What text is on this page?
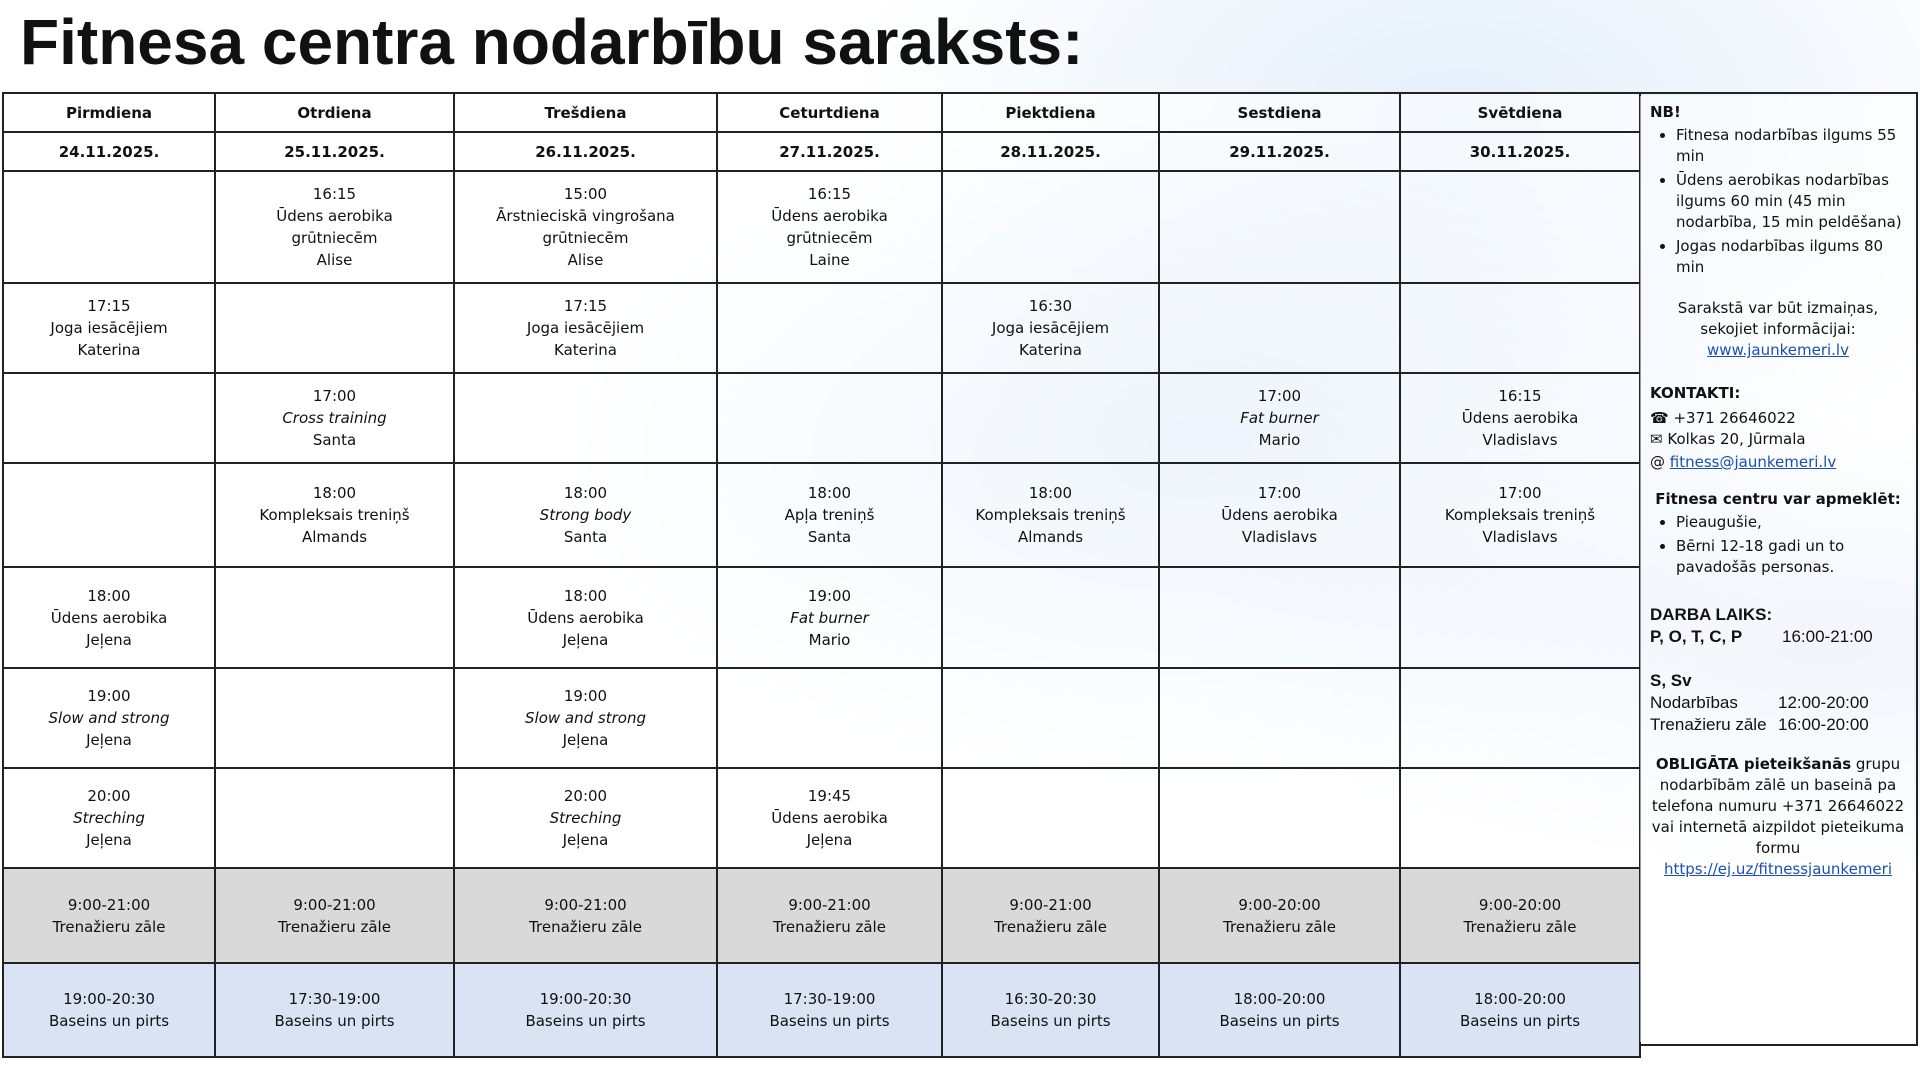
Fitnesa centra nodarbību saraksts:
Pirmdiena	Otrdiena	Trešdiena	Ceturtdiena	Piektdiena	Sestdiena	Svētdiena
24.11.2025.	25.11.2025.	26.11.2025.	27.11.2025.	28.11.2025.	29.11.2025.	30.11.2025.

	16:15
Ūdens aerobika
grūtniecēm
Alise	15:00
Ārstnieciskā vingrošana
grūtniecēm
Alise	16:15
Ūdens aerobika
grūtniecēm
Laine			

17:15
Joga iesācējiem
Katerina		17:15
Joga iesācējiem
Katerina		16:30
Joga iesācējiem
Katerina		

	17:00
Cross training
Santa				17:00
Fat burner
Mario	16:15
Ūdens aerobika
Vladislavs

	18:00
Kompleksais treniņš
Almands	18:00
Strong body
Santa	18:00
Apļa treniņš
Santa	18:00
Kompleksais treniņš
Almands	17:00
Ūdens aerobika
Vladislavs	17:00
Kompleksais treniņš
Vladislavs

18:00
Ūdens aerobika
Jeļena		18:00
Ūdens aerobika
Jeļena	19:00
Fat burner
Mario			

19:00
Slow and strong
Jeļena		19:00
Slow and strong
Jeļena				

20:00
Streching
Jeļena		20:00
Streching
Jeļena	19:45
Ūdens aerobika
Jeļena			

9:00-21:00
Trenažieru zāle	9:00-21:00
Trenažieru zāle	9:00-21:00
Trenažieru zāle	9:00-21:00
Trenažieru zāle	9:00-21:00
Trenažieru zāle	9:00-20:00
Trenažieru zāle	9:00-20:00
Trenažieru zāle

19:00-20:30
Baseins un pirts	17:30-19:00
Baseins un pirts	19:00-20:30
Baseins un pirts	17:30-19:00
Baseins un pirts	16:30-20:30
Baseins un pirts	18:00-20:00
Baseins un pirts	18:00-20:00
Baseins un pirts
NB!
• Fitnesa nodarbības ilgums 55 min
• Ūdens aerobikas nodarbības ilgums 60 min (45 min nodarbība, 15 min peldēšana)
• Jogas nodarbības ilgums 80 min
Sarakstā var būt izmaiņas, sekojiet informācijai: www.jaunkemeri.lv
KONTAKTI:
☎ +371 26646022
✉ Kolkas 20, Jūrmala
@ fitness@jaunkemeri.lv
Fitnesa centru var apmeklēt:
• Pieaugušie,
• Bērni 12-18 gadi un to pavadošās personas.
DARBA LAIKS:
P, O, T, C, P	16:00-21:00
S, Sv
Nodarbības	12:00-20:00
Trenažieru zāle 16:00-20:00
OBLIGĀTA pieteikšanās grupu nodarbībām zālē un baseinā pa telefona numuru +371 26646022 vai internetā aizpildot pieteikuma formu
https://ej.uz/fitnessjaunkemeri
